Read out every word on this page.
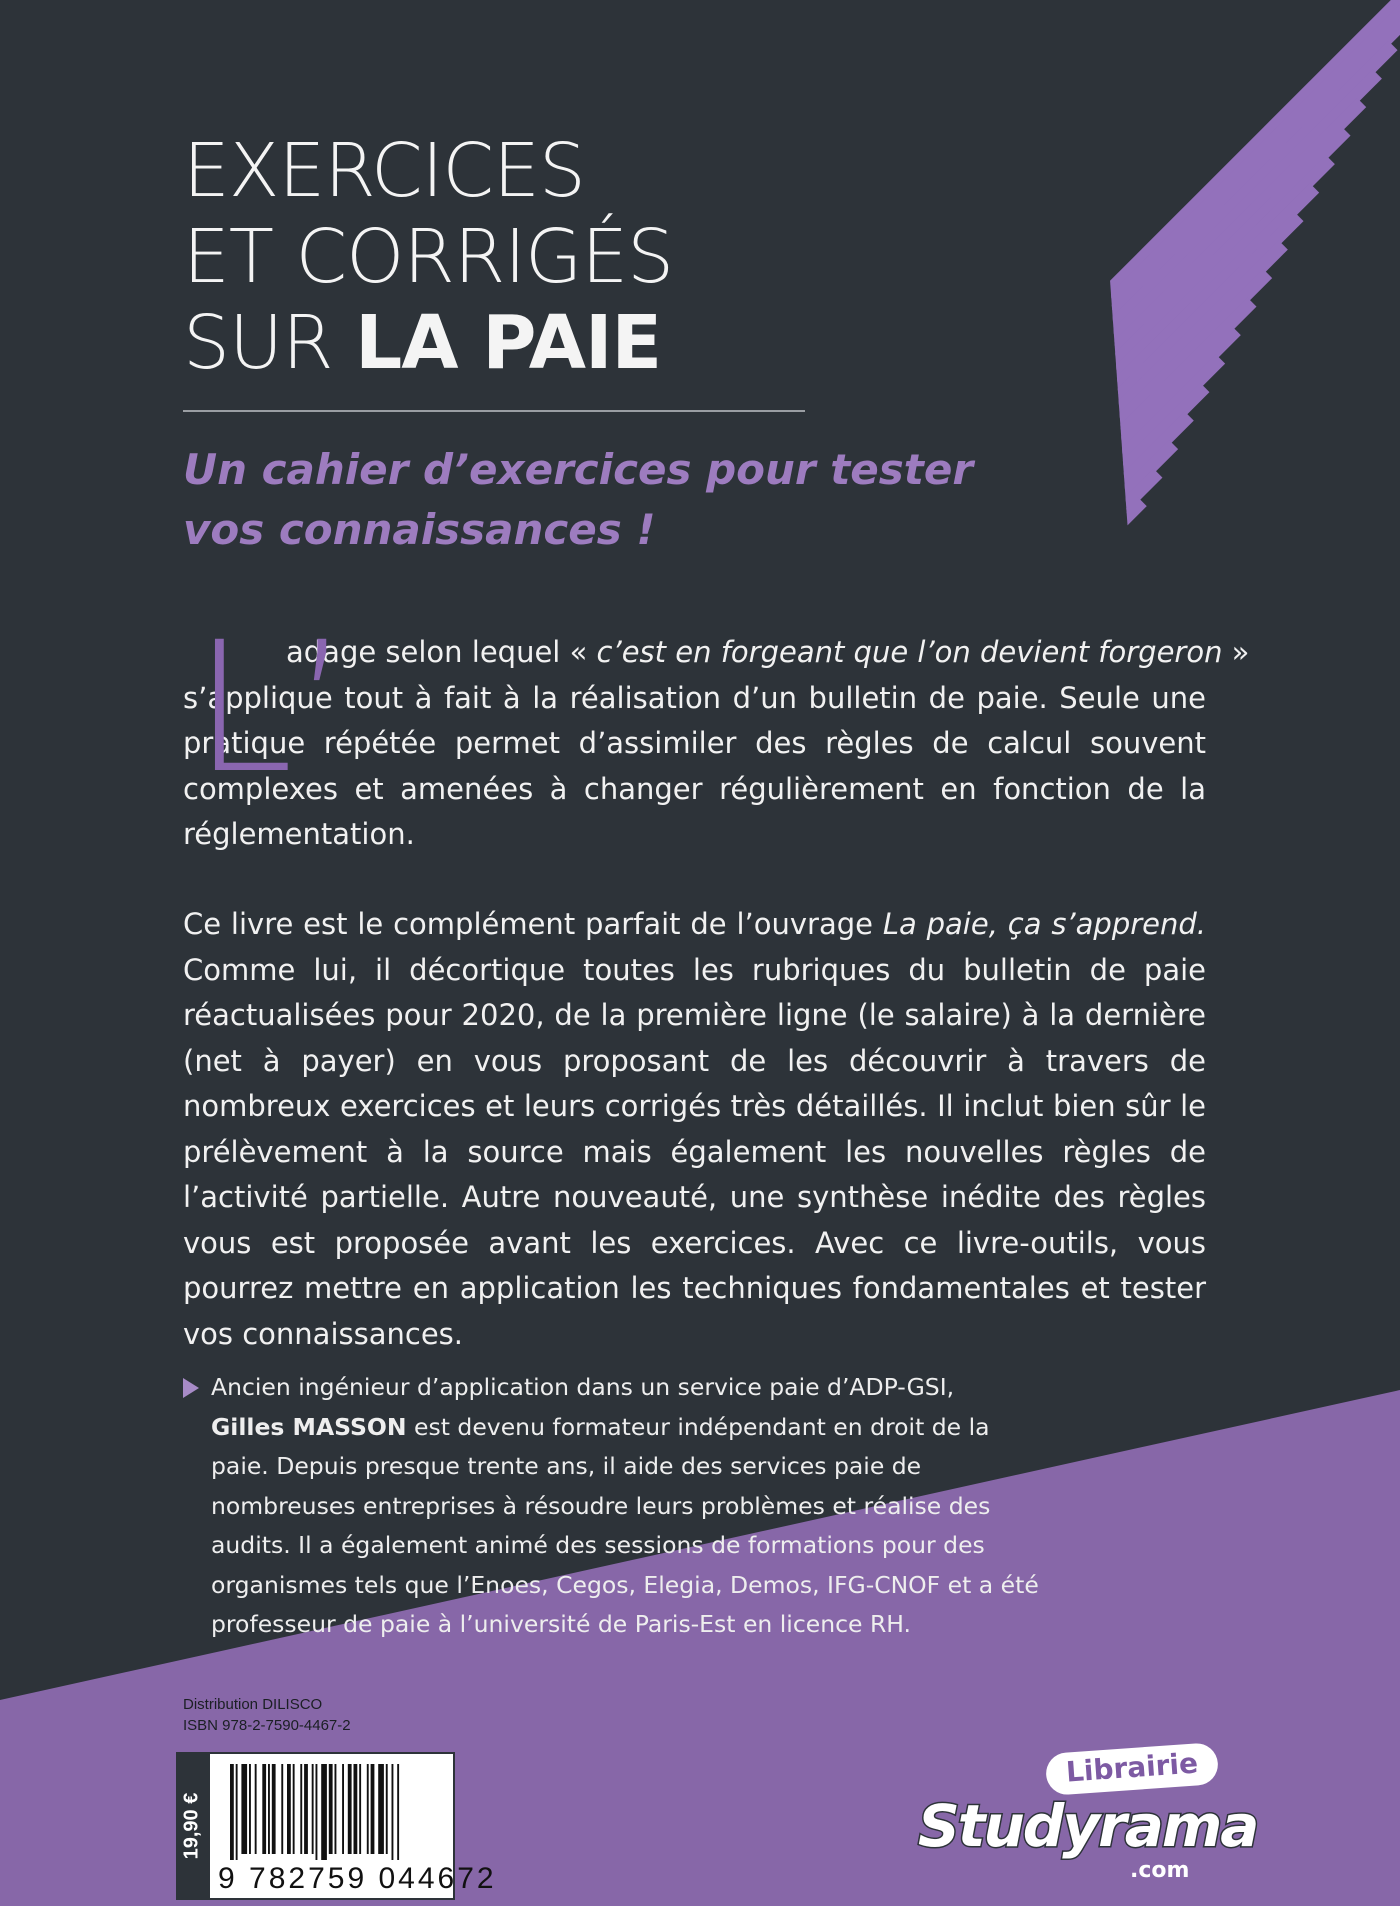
EXERCICES
ET CORRIGÉS
SUR LA PAIE
Un cahier d’exercices pour tester
vos connaissances !
L’

adage selon lequel « c’est en forgeant que l’on devient forgeron » s’applique tout à fait à la réalisation d’un bulletin de paie. Seule une pratique répétée permet d’assimiler des règles de calcul souvent complexes et amenées à changer régulièrement en fonction de la réglementation.

Ce livre est le complément parfait de l’ouvrage La paie, ça s’apprend. Comme lui, il décortique toutes les rubriques du bulletin de paie réactualisées pour 2020, de la première ligne (le salaire) à la dernière (net à payer) en vous proposant de les découvrir à travers de nombreux exercices et leurs corrigés très détaillés. Il inclut bien sûr le prélèvement à la source mais également les nouvelles règles de l’activité partielle. Autre nouveauté, une synthèse inédite des règles vous est proposée avant les exercices. Avec ce livre-outils, vous pourrez mettre en application les techniques fondamentales et tester vos connaissances.

Ancien ingénieur d’application dans un service paie d’ADP-GSI,
Gilles MASSON est devenu formateur indépendant en droit de la paie. Depuis presque trente ans, il aide des services paie de nombreuses entreprises à résoudre leurs problèmes et réalise des audits. Il a également animé des sessions de formations pour des organismes tels que l’Enoes, Cegos, Elegia, Demos, IFG-CNOF et a été professeur de paie à l’université de Paris-Est en licence RH.

Distribution DILISCO
ISBN 978-2-7590-4467-2
19,90 €
9 782759 044672
Studyrama
Librairie
.com
